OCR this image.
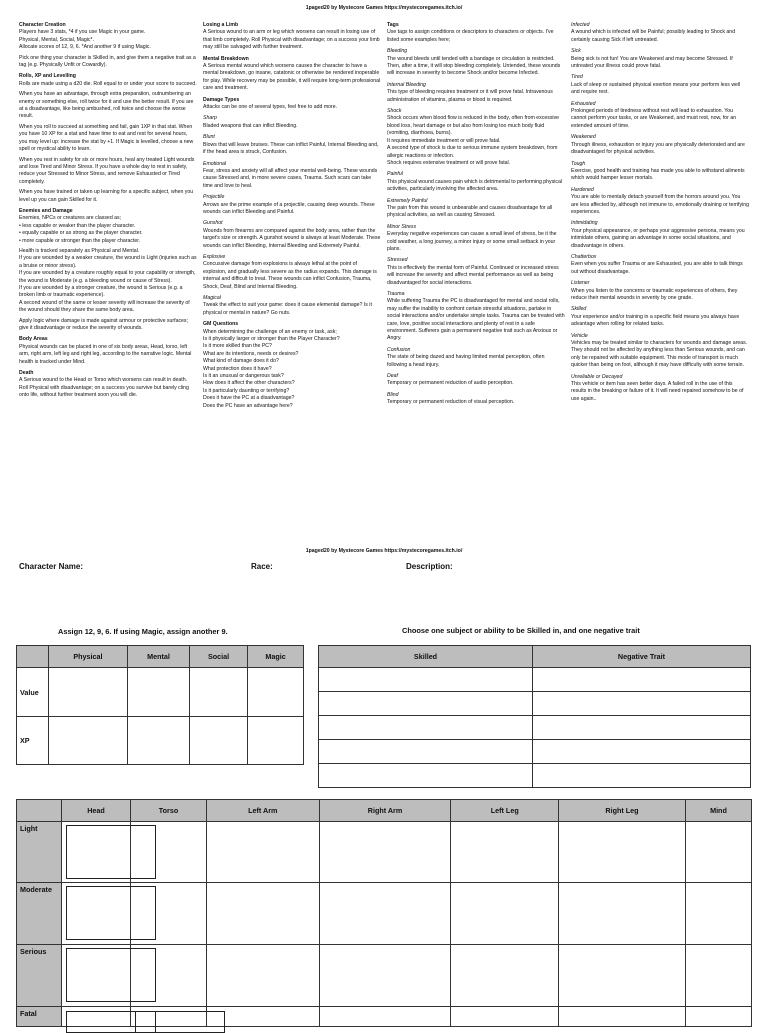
1paged20 by Mystecore Games https://mystecoregames.itch.io/
Character Creation
Players have 3 stats, *4 if you use Magic in your game.
Physical, Mental, Social, Magic*.

Allocate scores of 12, 9, 6. *And another 9 if using Magic.

Pick one thing your character is Skilled in, and give them a negative trait as a tag (e.g. Physically Unfit or Cowardly).

Rolls, XP and Levelling

Rolls are made using a d20 die. Roll equal to or under your score to succeed.

When you have an advantage, through extra preparation, outnumbering an enemy or something else, roll twice for it and use the better result. If you are at a disadvantage, like being ambushed, roll twice and choose the worse result.

When you roll to succeed at something and fail, gain 1XP in that stat. When you have 10 XP for a stat and have time to eat and rest for several hours, you may level up: increase the stat by +1. If Magic is levelled, choose a new spell or mystical ability to learn.

When you rest in safety for six or more hours, heal any treated Light wounds and lose Tired and Minor Stress. If you have a whole day to rest in safety, reduce your Stressed to Minor Stress, and remove Exhausted or Tired completely.

When you have trained or taken up learning for a specific subject, when you level up you can gain Skilled for it.

Enemies and Damage
Enemies, NPCs or creatures are classed as;
• less capable or weaker than the player character.
• equally capable or as strong as the player character.

• more capable or stronger than the player character.

Health is tracked separately as Physical and Mental.
If you are wounded by a weaker creature, the wound is Light (injuries such as a bruise or minor stress).
If you are wounded by a creature roughly equal to your capability or strength, the wound is Moderate (e.g. a bleeding wound or cause of Stress).
If you are wounded by a stronger creature, the wound is Serious (e.g. a broken limb or traumatic experience).

A second wound of the same or lesser severity will increase the severity of the wound should they share the same body area.

Apply logic where damage is made against armour or protective surfaces; give it disadvantage or reduce the severity of wounds.

Body Areas

Physical wounds can be placed in one of six body areas, Head, torso, left arm, right arm, left leg and right leg, according to the narrative logic. Mental health is tracked under Mind.

Death

A Serious wound to the Head or Torso which worsens can result in death. Roll Physical with disadvantage; on a success you survive but barely cling onto life, without further treatment soon you will die.

Losing a Limb

A Serious wound to an arm or leg which worsens can result in losing use of that limb completely. Roll Physical with disadvantage; on a success your limb may still be salvaged with further treatment.

Mental Breakdown

A Serious mental wound which worsens causes the character to have a mental breakdown, go insane, catatonic or otherwise be rendered inoperable for play. While recovery may be possible, it will require long-term professional care and treatment.

Damage Types

Attacks can be one of several types, feel free to add more.

Sharp

Bladed weapons that can inflict Bleeding.

Blunt

Blows that will leave bruises. These can inflict Painful, Internal Bleeding and, if the head area is struck, Confusion.

Emotional

Fear, stress and anxiety will all affect your mental well-being. These wounds cause Stressed and, in more severe cases, Trauma. Such scars can take time and love to heal.

Projectile

Arrows are the prime example of a projectile, causing deep wounds. These wounds can inflict Bleeding and Painful.

Gunshot

Wounds from firearms are compared against the body area, rather than the target's size or strength. A gunshot wound is always at least Moderate. These wounds can inflict Bleeding, Internal Bleeding and Extremely Painful.

Explosive

Concussive damage from explosions is always lethal at the point of explosion, and gradually less severe as the radius expands. This damage is internal and difficult to treat. These wounds can inflict Confusion, Trauma, Shock, Deaf, Blind and Internal Bleeding.

Magical

Tweak the effect to suit your game: does it cause elemental damage? Is it physical or mental in nature? Go nuts.

GM Questions
When determining the challenge of an enemy or task, ask;
Is it physically larger or stronger than the Player Character?
Is it more skilled than the PC?
What are its intentions, needs or desires?
What kind of damage does it do?
What protection does it have?
Is it an unusual or dangerous task?
How does it affect the other characters?
Is it particularly daunting or terrifying?
Does it have the PC at a disadvantage?
Does the PC have an advantage here?
Tags

Use tags to assign conditions or descriptors to characters or objects. I've listed some examples here;

Bleeding

The wound bleeds until tended with a bandage or circulation is restricted. Then, after a time, it will stop bleeding completely. Untended, these wounds will increase in severity to become Shock and/or become Infected.

Internal Bleeding

This type of bleeding requires treatment or it will prove fatal. Intravenous administration of vitamins, plasma or blood is required.

Shock
Shock occurs when blood flow is reduced in the body, often from excessive blood loss, heart damage or but also from losing too much body fluid (vomiting, diarrhoea, burns).
It requires immediate treatment or will prove fatal.
A second type of shock is due to serious immune system breakdown, from allergic reactions or infection.

Shock requires extensive treatment or will prove fatal.

Painful

This physical wound causes pain which is detrimental to performing physical activities, particularly involving the affected area.

Extremely Painful

The pain from this wound is unbearable and causes disadvantage for all physical activities, as well as causing Stressed.

Minor Stress

Everyday negative experiences can cause a small level of stress, be it the cold weather, a long journey, a minor injury or some small setback in your plans.

Stressed

This is effectively the mental form of Painful. Continued or increased stress will increase the severity and affect mental performance as well as being disadvantaged for social interactions.

Trauma

While suffering Trauma the PC is disadvantaged for mental and social rolls, may suffer the inability to confront certain stressful situations, partake in social interactions and/or undertake simple tasks. Trauma can be treated with care, love, positive social interactions and plenty of rest in a safe environment. Sufferers gain a permanent negative trait such as Anxious or Angry.

Confusion

The state of being dazed and having limited mental perception, often following a head injury.

Deaf

Temporary or permanent reduction of audio perception.

Blind

Temporary or permanent reduction of visual perception.

Infected

A wound which is infected will be Painful; possibly leading to Shock and certainly causing Sick if left untreated.

Sick

Being sick is not fun! You are Weakened and may become Stressed. If untreated your illness could prove fatal.

Tired

Lack of sleep or sustained physical exertion means your perform less well and require rest.

Exhausted

Prolonged periods of tiredness without rest will lead to exhaustion. You cannot perform your tasks, or are Weakened, and must rest, now, for an extended amount of time.

Weakened

Through illness, exhaustion or injury you are physically deteriorated and are disadvantaged for physical activities.

Tough

Exercise, good health and training has made you able to withstand ailments which would hamper lesser mortals.

Hardened

You are able to mentally detach yourself from the horrors around you. You are less affected by, although not immune to, emotionally draining or terrifying experiences.

Intimidating

Your physical appearance, or perhaps your aggressive persona, means you intimidate others, gaining an advantage in some social situations, and disadvantage in others.

Chatterbox

Even when you suffer Trauma or are Exhausted, you are able to talk things out without disadvantage.

Listener

When you listen to the concerns or traumatic experiences of others, they reduce their mental wounds in severity by one grade.

Skilled

Your experience and/or training in a specific field means you always have advantage when rolling for related tasks.

Vehicle

Vehicles may be treated similar to characters for wounds and damage areas. They should not be affected by anything less than Serious wounds, and can only be repaired with suitable equipment. This mode of transport is much quicker than being on foot, although it may have difficulty with some terrain.

Unreliable or Decayed

This vehicle or item has seen better days. A failed roll in the use of this results in the breaking or failure of it. It will need repaired somehow to be of use again..

1paged20 by Mystecore Games https://mystecoregames.itch.io/
Character Name:	Race:	Description:
Assign 12, 9, 6. If using Magic, assign another 9.	Choose one subject or ability to be Skilled in, and one negative trait
	Physical	Mental	Social	Magic
Value				
XP				
Skilled	Negative Trait

	Head	Torso	Left Arm	Right Arm	Left Leg	Right Leg	Mind
Light	

Moderate	

Serious	

Fatal	
